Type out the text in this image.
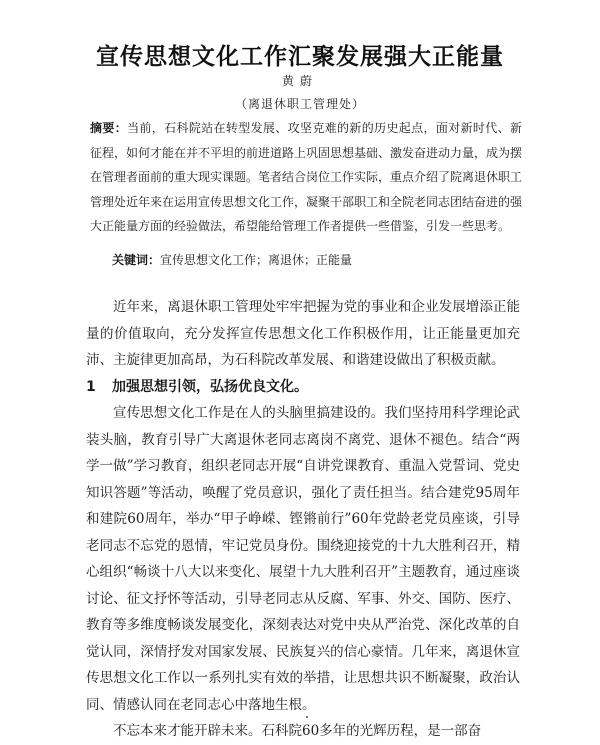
宣传思想文化工作汇聚发展强大正能量
黄蔚
（离退休职工管理处）
摘要：当前，石科院站在转型发展、攻坚克难的新的历史起点，面对新时代、新征程，如何才能在并不平坦的前进道路上巩固思想基础、激发奋进动力量，成为摆在管理者面前的重大现实课题。笔者结合岗位工作实际，重点介绍了院离退休职工管理处近年来在运用宣传思想文化工作，凝聚干部职工和全院老同志团结奋进的强大正能量方面的经验做法，希望能给管理工作者提供一些借鉴，引发一些思考。
关键词：宣传思想文化工作；离退休；正能量

近年来，离退休职工管理处牢牢把握为党的事业和企业发展增添正能量的价值取向，充分发挥宣传思想文化工作积极作用，让正能量更加充沛、主旋律更加高昂，为石科院改革发展、和谐建设做出了积极贡献。

1 加强思想引领，弘扬优良文化。

宣传思想文化工作是在人的头脑里搞建设的。我们坚持用科学理论武装头脑，教育引导广大离退休老同志离岗不离党、退休不褪色。结合“两学一做”学习教育，组织老同志开展“自讲党课教育、重温入党誓词、党史知识答题”等活动，唤醒了党员意识，强化了责任担当。结合建党95周年和建院60周年，举办“甲子峥嵘、铿锵前行”60年党龄老党员座谈，引导老同志不忘党的恩情，牢记党员身份。围绕迎接党的十九大胜利召开，精心组织“畅谈十八大以来变化、展望十九大胜利召开”主题教育，通过座谈讨论、征文抒怀等活动，引导老同志从反腐、军事、外交、国防、医疗、教育等多维度畅谈发展变化，深刻表达对党中央从严治党、深化改革的自觉认同，深情抒发对国家发展、民族复兴的信心豪情。几年来，离退休宣传思想文化工作以一系列扎实有效的举措，让思想共识不断凝聚，政治认同、情感认同在老同志心中落地生根。

不忘本来才能开辟未来。石科院60多年的光辉历程，是一部奋
